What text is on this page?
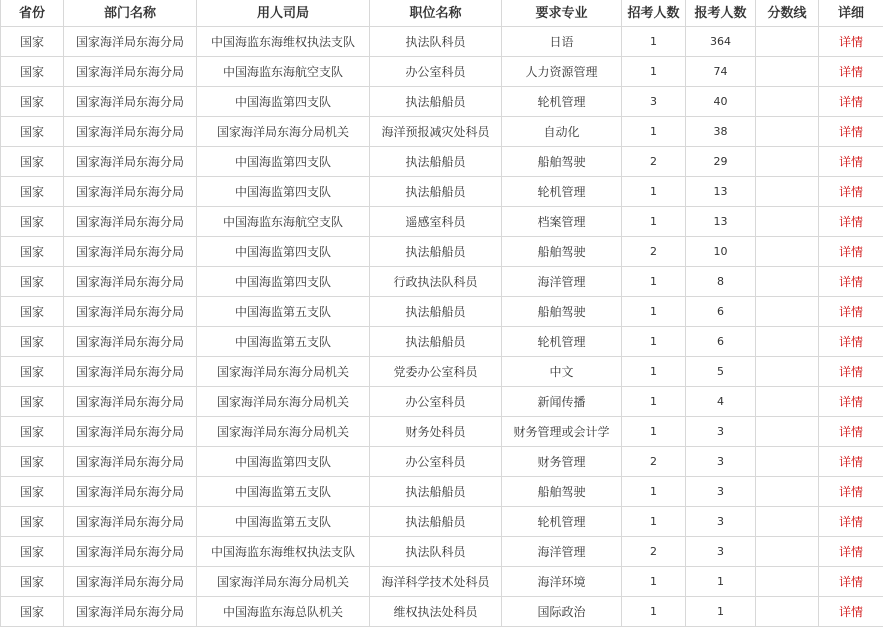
省份	部门名称	用人司局	职位名称	要求专业	招考人数	报考人数	分数线	详细
国家	国家海洋局东海分局	中国海监东海维权执法支队	执法队科员	日语	1	364		详情
国家	国家海洋局东海分局	中国海监东海航空支队	办公室科员	人力资源管理	1	74		详情
国家	国家海洋局东海分局	中国海监第四支队	执法船船员	轮机管理	3	40		详情
国家	国家海洋局东海分局	国家海洋局东海分局机关	海洋预报减灾处科员	自动化	1	38		详情
国家	国家海洋局东海分局	中国海监第四支队	执法船船员	船舶驾驶	2	29		详情
国家	国家海洋局东海分局	中国海监第四支队	执法船船员	轮机管理	1	13		详情
国家	国家海洋局东海分局	中国海监东海航空支队	遥感室科员	档案管理	1	13		详情
国家	国家海洋局东海分局	中国海监第四支队	执法船船员	船舶驾驶	2	10		详情
国家	国家海洋局东海分局	中国海监第四支队	行政执法队科员	海洋管理	1	8		详情
国家	国家海洋局东海分局	中国海监第五支队	执法船船员	船舶驾驶	1	6		详情
国家	国家海洋局东海分局	中国海监第五支队	执法船船员	轮机管理	1	6		详情
国家	国家海洋局东海分局	国家海洋局东海分局机关	党委办公室科员	中文	1	5		详情
国家	国家海洋局东海分局	国家海洋局东海分局机关	办公室科员	新闻传播	1	4		详情
国家	国家海洋局东海分局	国家海洋局东海分局机关	财务处科员	财务管理或会计学	1	3		详情
国家	国家海洋局东海分局	中国海监第四支队	办公室科员	财务管理	2	3		详情
国家	国家海洋局东海分局	中国海监第五支队	执法船船员	船舶驾驶	1	3		详情
国家	国家海洋局东海分局	中国海监第五支队	执法船船员	轮机管理	1	3		详情
国家	国家海洋局东海分局	中国海监东海维权执法支队	执法队科员	海洋管理	2	3		详情
国家	国家海洋局东海分局	国家海洋局东海分局机关	海洋科学技术处科员	海洋环境	1	1		详情
国家	国家海洋局东海分局	中国海监东海总队机关	维权执法处科员	国际政治	1	1		详情
